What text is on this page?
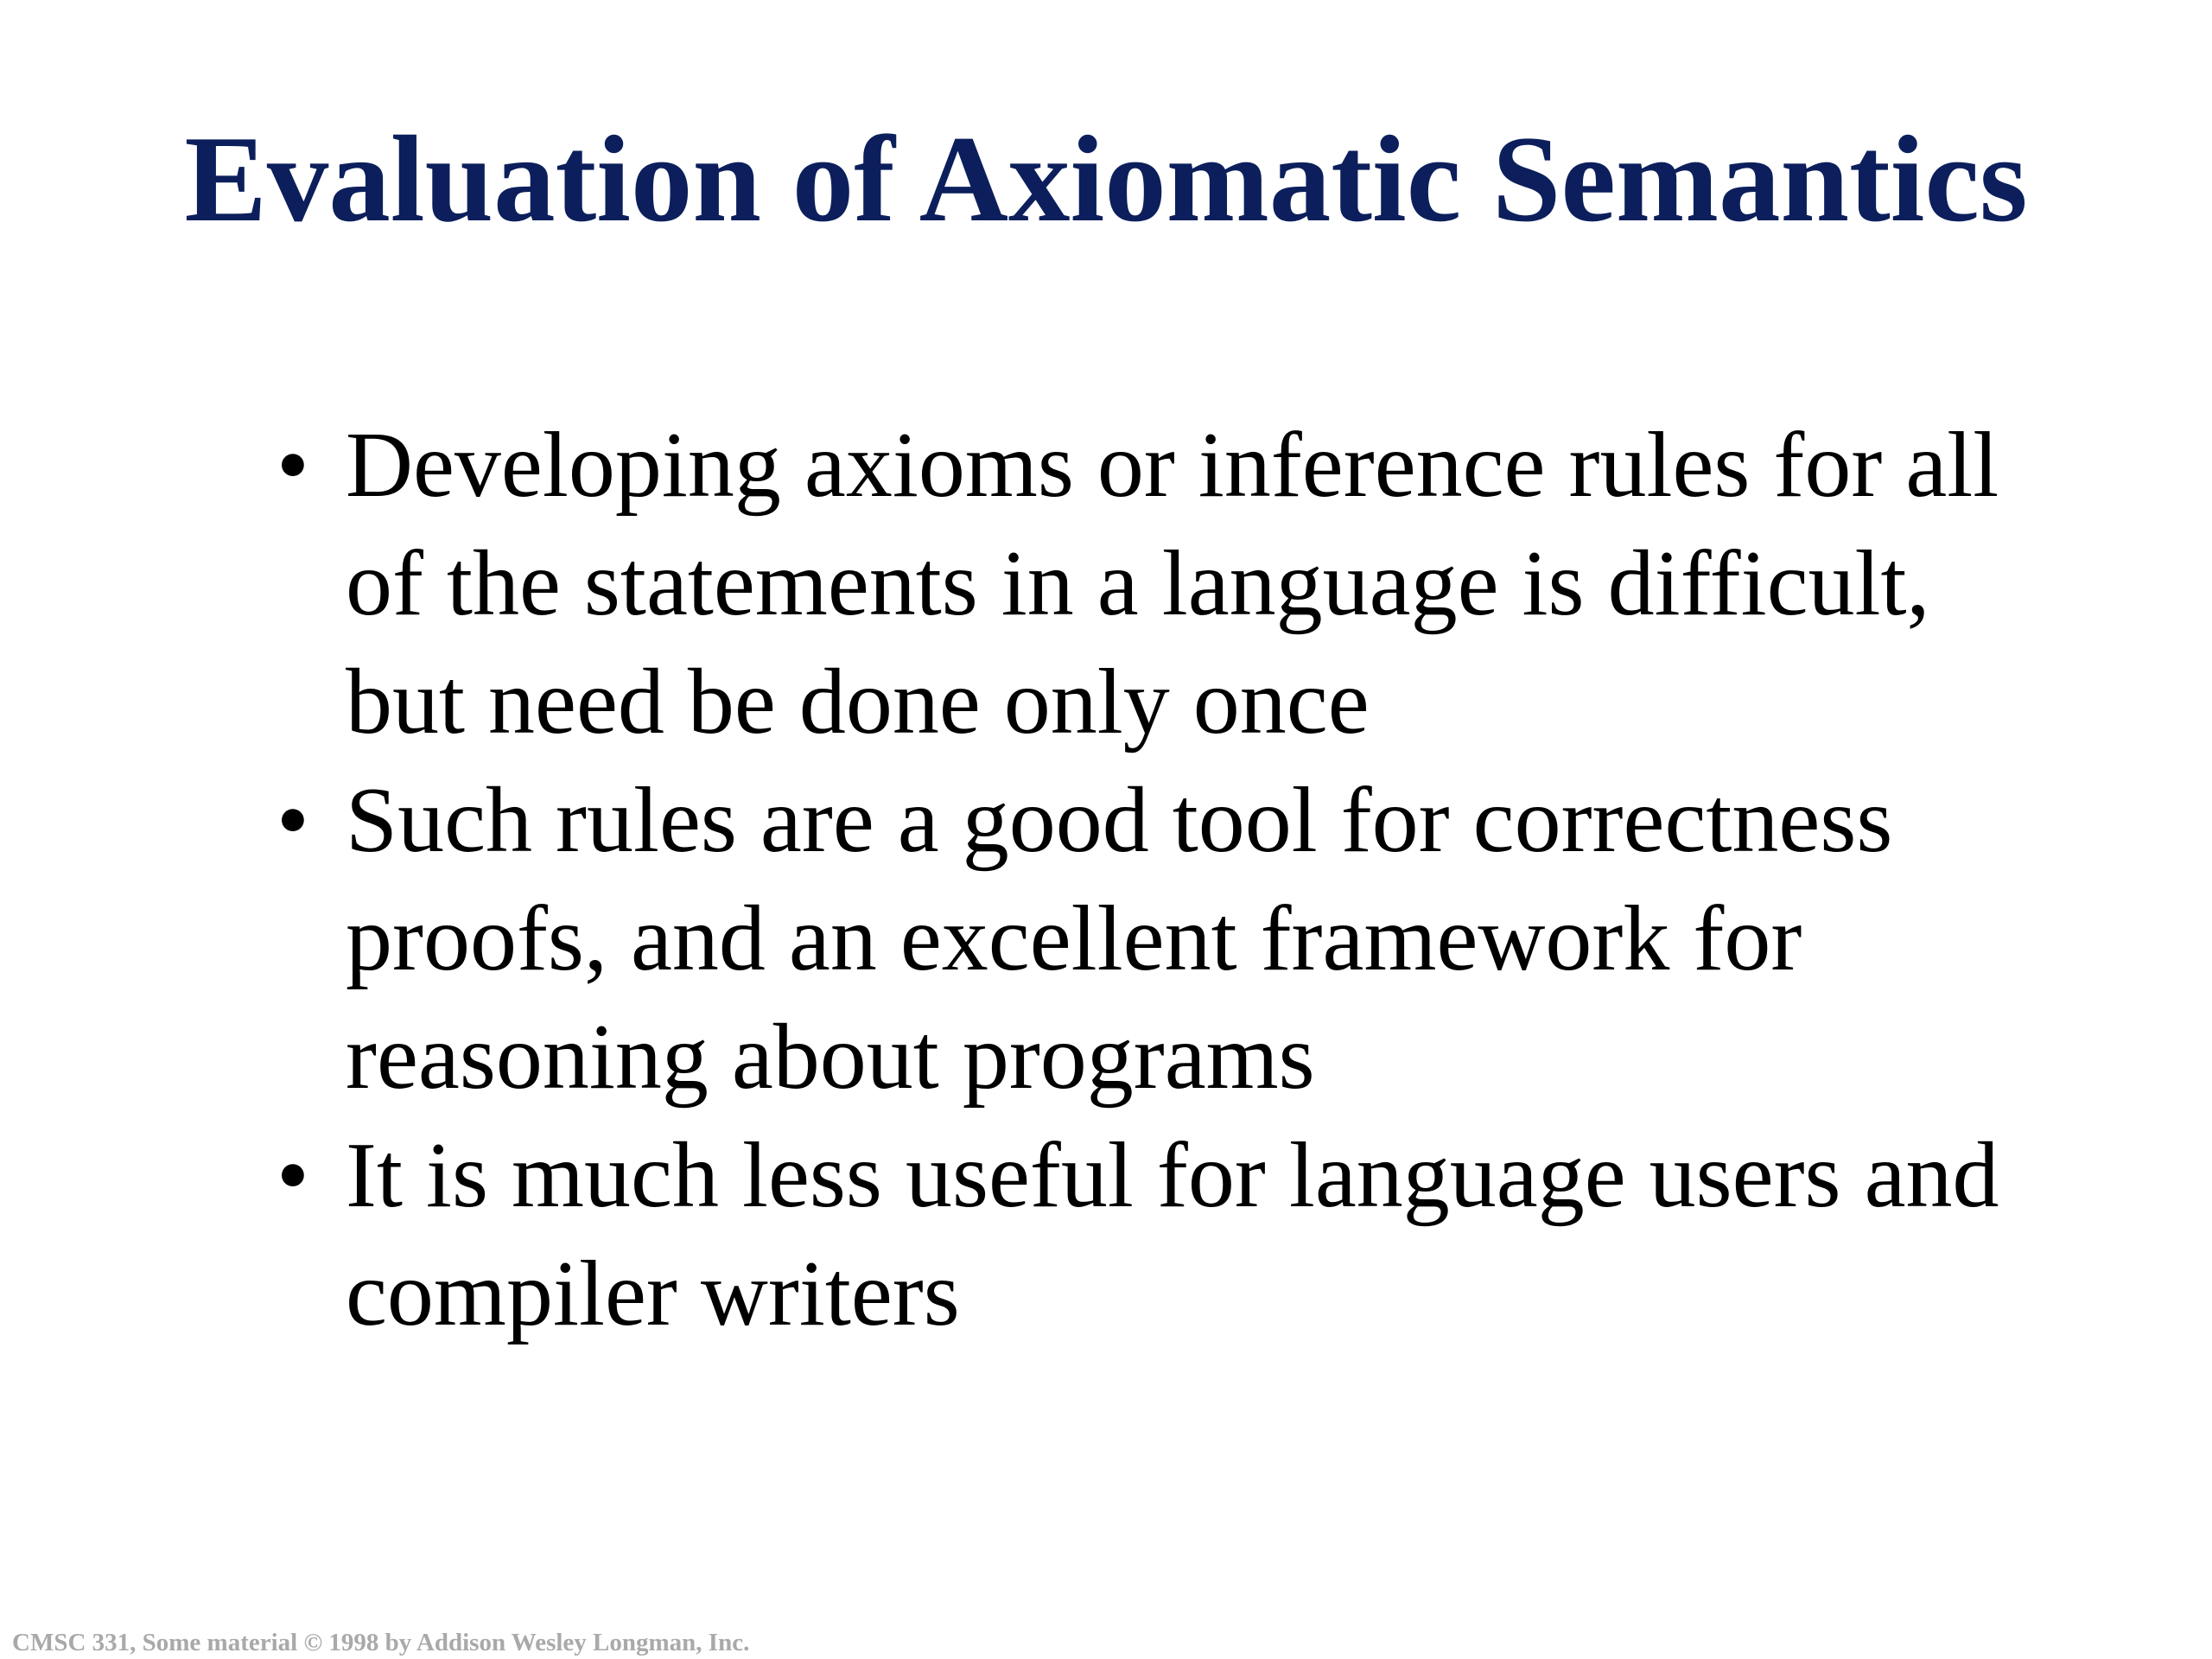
Evaluation of Axiomatic Semantics
• Developing axioms or inference rules for all of the statements in a language is difficult, but need be done only once
• Such rules are a good tool for correctness proofs, and an excellent framework for reasoning about programs
• It is much less useful for language users and compiler writers
CMSC 331, Some material © 1998 by Addison Wesley Longman, Inc.
